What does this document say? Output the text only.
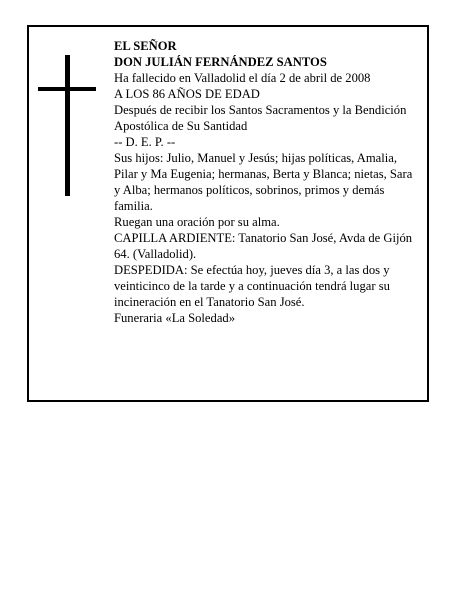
EL SEÑOR

DON JULIÁN FERNÁNDEZ SANTOS

Ha fallecido en Valladolid el día 2 de abril de 2008

A LOS 86 AÑOS DE EDAD

Después de recibir los Santos Sacramentos y la Bendición Apostólica de Su Santidad

-- D. E. P. --

Sus hijos: Julio, Manuel y Jesús; hijas políticas, Amalia, Pilar y Ma Eugenia; hermanas, Berta y Blanca; nietas, Sara y Alba; hermanos políticos, sobrinos, primos y demás familia.

Ruegan una oración por su alma.

CAPILLA ARDIENTE: Tanatorio San José, Avda de Gijón 64. (Valladolid).

DESPEDIDA: Se efectúa hoy, jueves día 3, a las dos y veinticinco de la tarde y a continuación tendrá lugar su incineración en el Tanatorio San José.

Funeraria «La Soledad»
